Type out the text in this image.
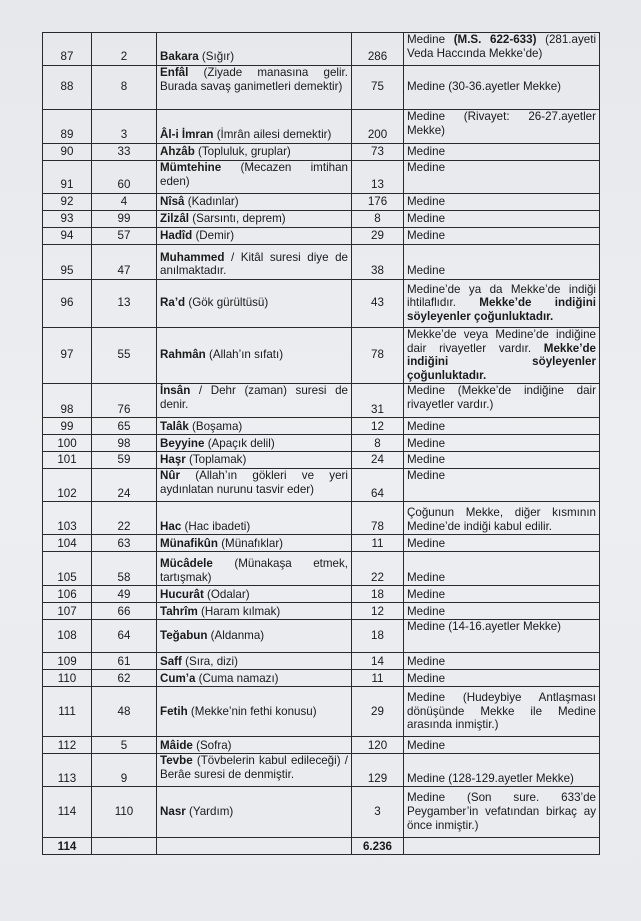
87	2	Bakara (Sığır)	286	Medine (M.S. 622-633) (281.ayeti Veda Haccında Mekke’de)
88	8	Enfâl (Ziyade manasına gelir. Burada savaş ganimetleri demektir)	75	Medine (30-36.ayetler Mekke)
89	3	Âl-i İmran (İmrân ailesi demektir)	200	Medine (Rivayet: 26-27.ayetler Mekke)
90	33	Ahzâb (Topluluk, gruplar)	73	Medine
91	60	Mümtehine (Mecazen imtihan eden)	13	Medine
92	4	Nîsâ (Kadınlar)	176	Medine
93	99	Zilzâl (Sarsıntı, deprem)	8	Medine
94	57	Hadîd (Demir)	29	Medine
95	47	Muhammed / Kitâl suresi diye de anılmaktadır.	38	Medine
96	13	Ra’d (Gök gürültüsü)	43	Medine’de ya da Mekke’de indiği ihtilaflıdır. Mekke’de indiğini söyleyenler çoğunluktadır.
97	55	Rahmân (Allah’ın sıfatı)	78	Mekke’de veya Medine’de indiğine dair rivayetler vardır. Mekke’de indiğini söyleyenler çoğunluktadır.
98	76	İnsân / Dehr (zaman) suresi de denir.	31	Medine (Mekke’de indiğine dair rivayetler vardır.)
99	65	Talâk (Boşama)	12	Medine
100	98	Beyyine (Apaçık delil)	8	Medine
101	59	Haşr (Toplamak)	24	Medine
102	24	Nûr (Allah’ın gökleri ve yeri aydınlatan nurunu tasvir eder)	64	Medine
103	22	Hac (Hac ibadeti)	78	Çoğunun Mekke, diğer kısmının Medine’de indiği kabul edilir.
104	63	Münafikûn (Münafıklar)	11	Medine
105	58	Mücâdele (Münakaşa etmek, tartışmak)	22	Medine
106	49	Hucurât (Odalar)	18	Medine
107	66	Tahrîm (Haram kılmak)	12	Medine
108	64	Teğabun (Aldanma)	18	Medine (14-16.ayetler Mekke)
109	61	Saff (Sıra, dizi)	14	Medine
110	62	Cum’a (Cuma namazı)	11	Medine
111	48	Fetih (Mekke’nin fethi konusu)	29	Medine (Hudeybiye Antlaşması dönüşünde Mekke ile Medine arasında inmiştir.)
112	5	Mâide (Sofra)	120	Medine
113	9	Tevbe (Tövbelerin kabul edileceği) / Berâe suresi de denmiştir.	129	Medine (128-129.ayetler Mekke)
114	110	Nasr (Yardım)	3	Medine (Son sure. 633’de Peygamber’in vefatından birkaç ay önce inmiştir.)
114			6.236	
